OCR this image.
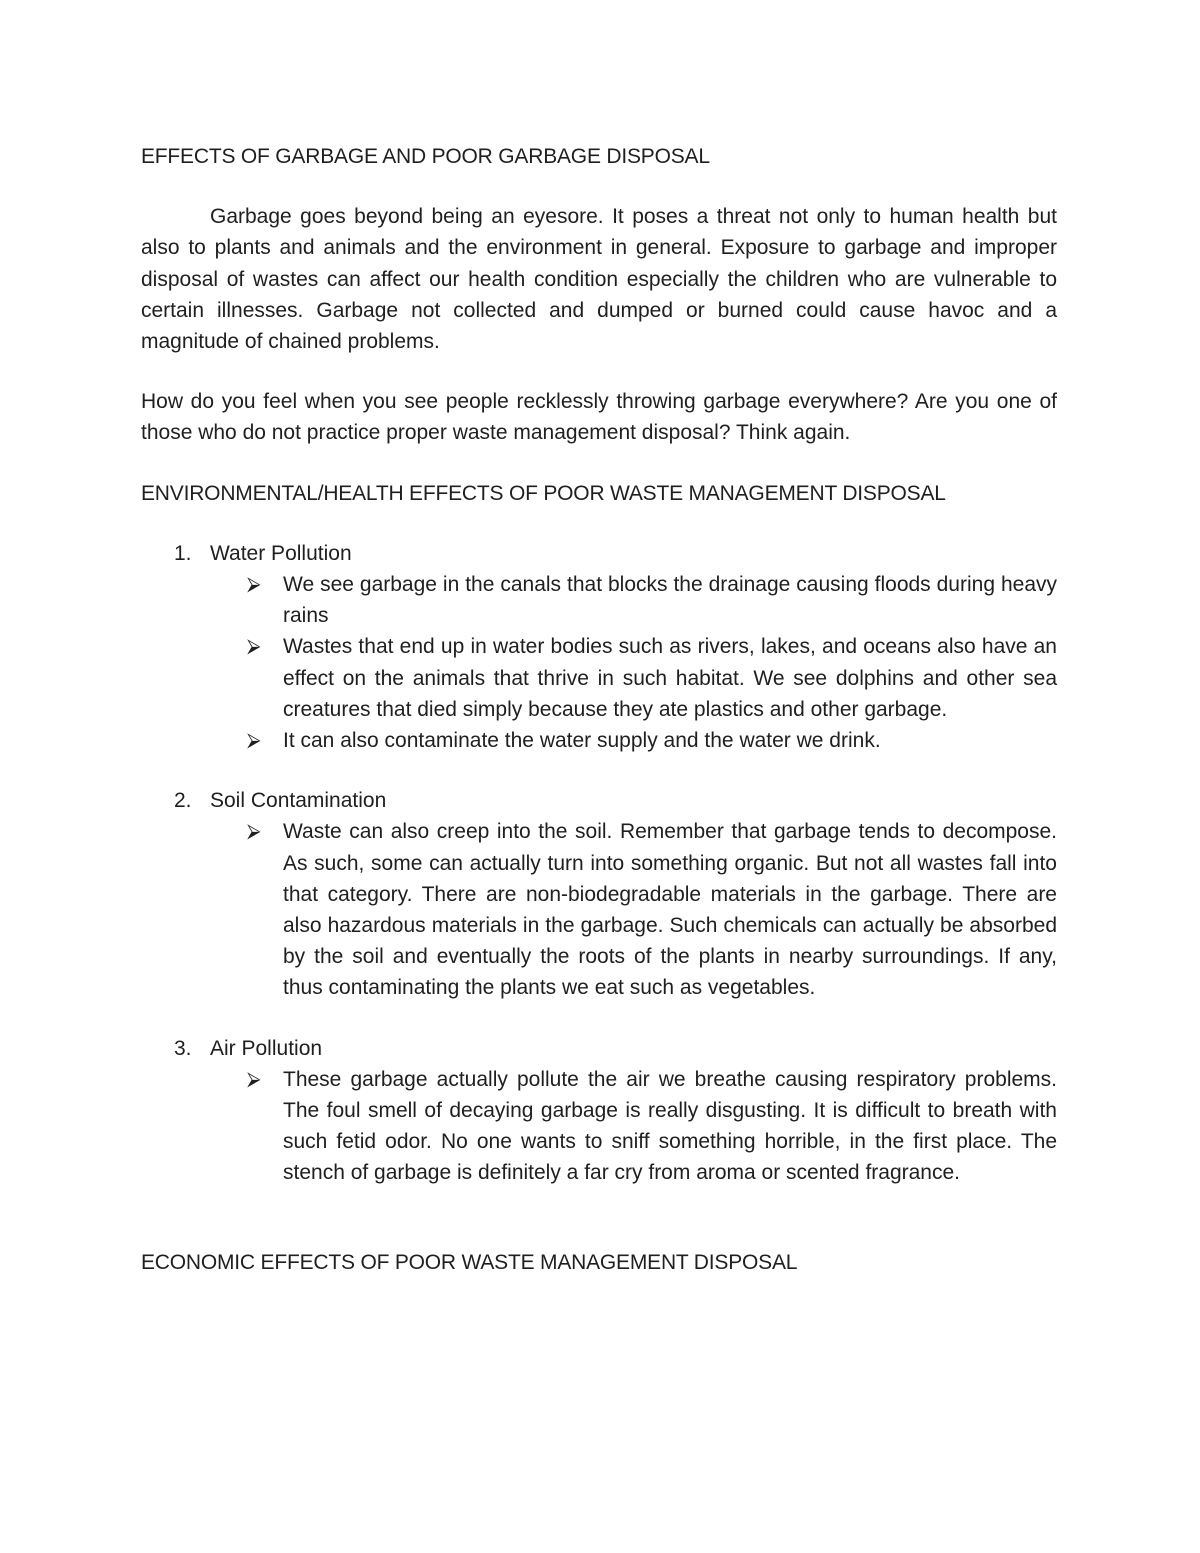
EFFECTS OF GARBAGE AND POOR GARBAGE DISPOSAL

Garbage goes beyond being an eyesore. It poses a threat not only to human health but also to plants and animals and the environment in general. Exposure to garbage and improper disposal of wastes can affect our health condition especially the children who are vulnerable to certain illnesses. Garbage not collected and dumped or burned could cause havoc and a magnitude of chained problems.

How do you feel when you see people recklessly throwing garbage everywhere? Are you one of those who do not practice proper waste management disposal? Think again.

ENVIRONMENTAL/HEALTH EFFECTS OF POOR WASTE MANAGEMENT DISPOSAL
1. Water Pollution
⮚ We see garbage in the canals that blocks the drainage causing floods during heavy rains
⮚ Wastes that end up in water bodies such as rivers, lakes, and oceans also have an effect on the animals that thrive in such habitat. We see dolphins and other sea creatures that died simply because they ate plastics and other garbage.
⮚ It can also contaminate the water supply and the water we drink.
2. Soil Contamination
⮚ Waste can also creep into the soil. Remember that garbage tends to decompose. As such, some can actually turn into something organic. But not all wastes fall into that category. There are non-biodegradable materials in the garbage. There are also hazardous materials in the garbage. Such chemicals can actually be absorbed by the soil and eventually the roots of the plants in nearby surroundings. If any, thus contaminating the plants we eat such as vegetables.
3. Air Pollution
⮚ These garbage actually pollute the air we breathe causing respiratory problems. The foul smell of decaying garbage is really disgusting. It is difficult to breath with such fetid odor. No one wants to sniff something horrible, in the first place. The stench of garbage is definitely a far cry from aroma or scented fragrance.
ECONOMIC EFFECTS OF POOR WASTE MANAGEMENT DISPOSAL
